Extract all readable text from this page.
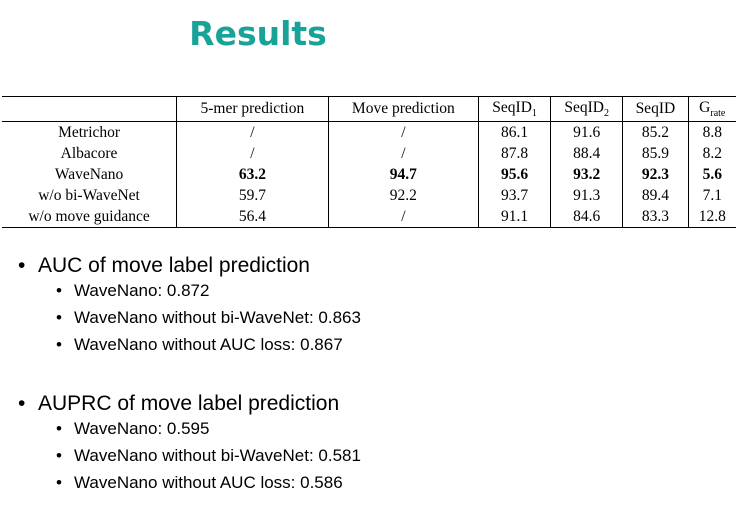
Results
	5-mer prediction	Move prediction	SeqID$_1$	SeqID$_2$	SeqID	$G_{rate}$
Metrichor	/	/	86.1	91.6	85.2	8.8
Albacore	/	/	87.8	88.4	85.9	8.2
WaveNano	63.2	94.7	95.6	93.2	92.3	5.6
w/o bi-WaveNet	59.7	92.2	93.7	91.3	89.4	7.1
w/o move guidance	56.4	/	91.1	84.6	83.3	12.8
• AUC of move label prediction
• WaveNano: 0.872
• WaveNano without bi-WaveNet: 0.863
• WaveNano without AUC loss: 0.867
• AUPRC of move label prediction
• WaveNano: 0.595
• WaveNano without bi-WaveNet: 0.581
• WaveNano without AUC loss: 0.586
